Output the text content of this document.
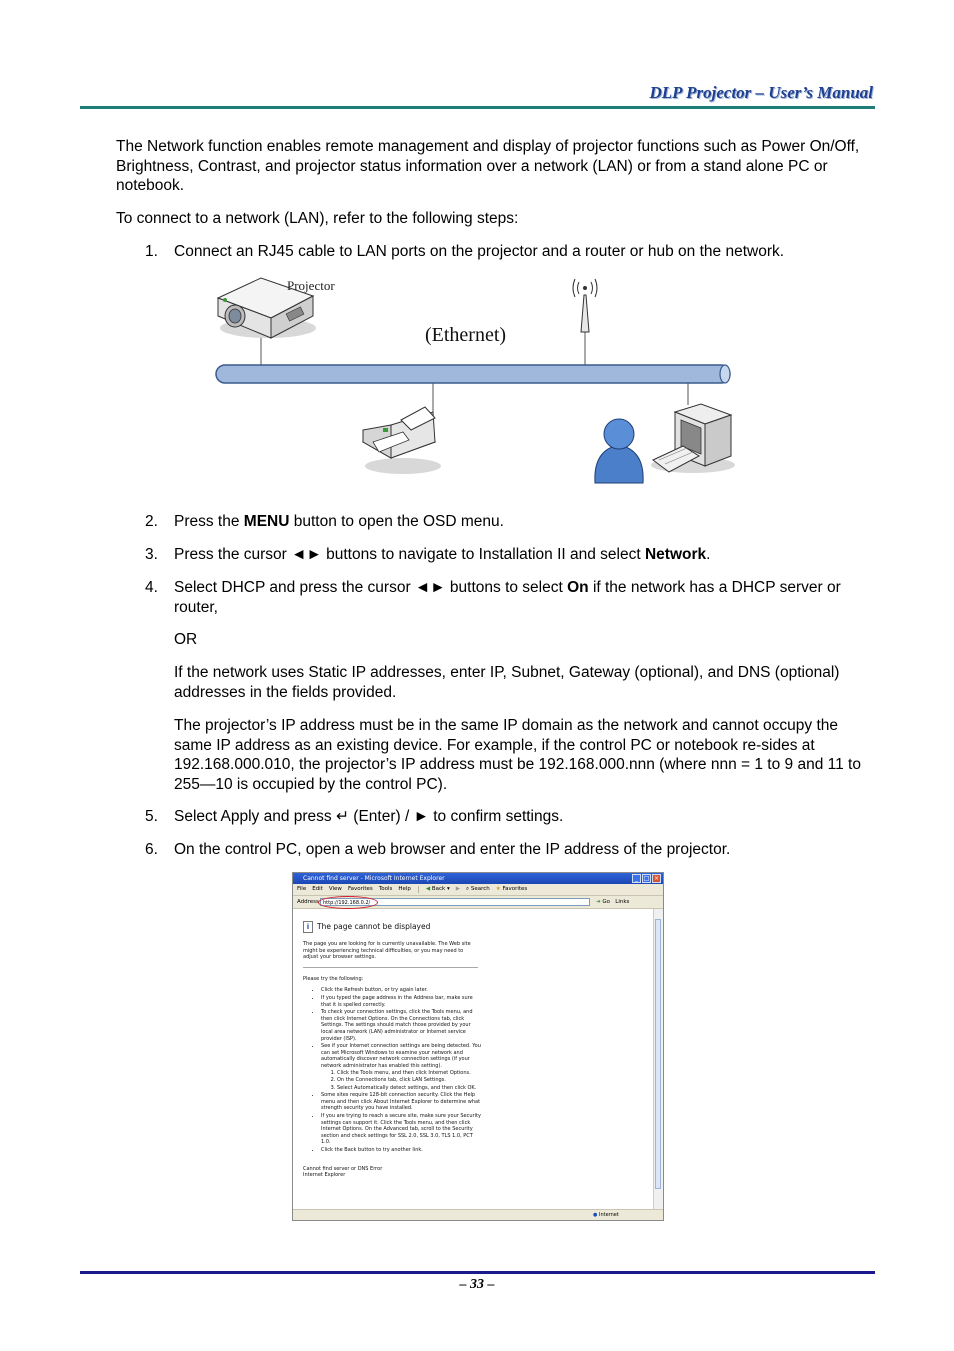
DLP Projector – User’s Manual
The Network function enables remote management and display of projector functions such as Power On/Off, Brightness, Contrast, and projector status information over a network (LAN) or from a stand alone PC or notebook.
To connect to a network (LAN), refer to the following steps:
1. Connect an RJ45 cable to LAN ports on the projector and a router or hub on the network.
Projector
(Ethernet)
2. Press the MENU button to open the OSD menu.
3. Press the cursor ◄► buttons to navigate to Installation II and select Network.
4. Select DHCP and press the cursor ◄► buttons to select On if the network has a DHCP server or router,
OR
If the network uses Static IP addresses, enter IP, Subnet, Gateway (optional), and DNS (optional) addresses in the fields provided.
The projector’s IP address must be in the same IP domain as the network and cannot occupy the same IP address as an existing device. For example, if the control PC or notebook re-sides at 192.168.000.010, the projector’s IP address must be 192.168.000.nnn (where nnn = 1 to 9 and 11 to 255—10 is occupied by the control PC).
5. Select Apply and press ↵ (Enter) / ► to confirm settings.
6. On the control PC, open a web browser and enter the IP address of the projector.
Cannot find server - Microsoft Internet Explorer	_ □ ×
File Edit View Favorites Tools Help	◀ Back ▾ ▶ ⌕ Search ★ Favorites
Address http://192.168.0.2/	➜ Go Links
i	The page cannot be displayed
The page you are looking for is currently unavailable. The Web site might be experiencing technical difficulties, or you may need to adjust your browser settings.
Please try the following:
• Click the Refresh button, or try again later.
• If you typed the page address in the Address bar, make sure that it is spelled correctly.
• To check your connection settings, click the Tools menu, and then click Internet Options. On the Connections tab, click Settings. The settings should match those provided by your local area network (LAN) administrator or Internet service provider (ISP).
• See if your Internet connection settings are being detected. You can set Microsoft Windows to examine your network and automatically discover network connection settings (if your network administrator has enabled this setting).
1. Click the Tools menu, and then click Internet Options.
2. On the Connections tab, click LAN Settings.
3. Select Automatically detect settings, and then click OK.
• Some sites require 128-bit connection security. Click the Help menu and then click About Internet Explorer to determine what strength security you have installed.
• If you are trying to reach a secure site, make sure your Security settings can support it. Click the Tools menu, and then click Internet Options. On the Advanced tab, scroll to the Security section and check settings for SSL 2.0, SSL 3.0, TLS 1.0, PCT 1.0.
• Click the Back button to try another link.
Cannot find server or DNS Error
Internet Explorer
● Internet
– 33 –
